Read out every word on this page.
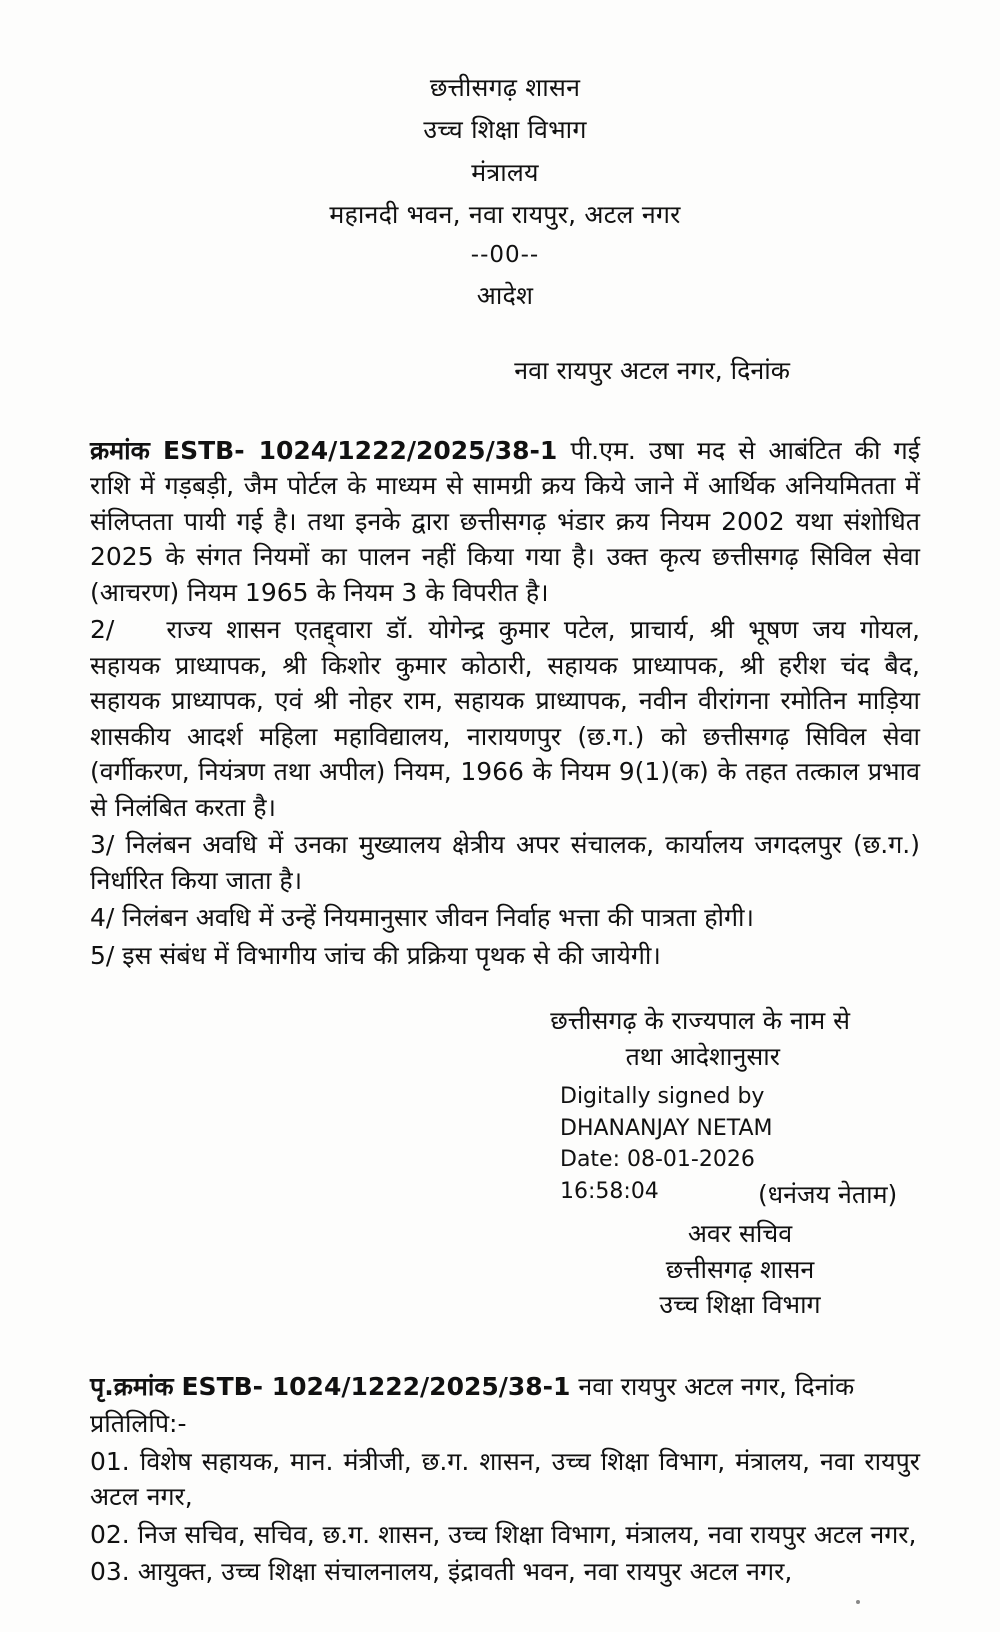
छत्तीसगढ़ शासन
उच्च शिक्षा विभाग
मंत्रालय
महानदी भवन, नवा रायपुर, अटल नगर
--00--
आदेश
नवा रायपुर अटल नगर, दिनांक

क्रमांक ESTB- 1024/1222/2025/38-1 पी.एम. उषा मद से आबंटित की गई राशि में गड़बड़ी, जैम पोर्टल के माध्यम से सामग्री क्रय किये जाने में आर्थिक अनियमितता में संलिप्तता पायी गई है। तथा इनके द्वारा छत्तीसगढ़ भंडार क्रय नियम 2002 यथा संशोधित 2025 के संगत नियमों का पालन नहीं किया गया है। उक्त कृत्य छत्तीसगढ़ सिविल सेवा (आचरण) नियम 1965 के नियम 3 के विपरीत है।

2/ राज्य शासन एतद्द्वारा डॉ. योगेन्द्र कुमार पटेल, प्राचार्य, श्री भूषण जय गोयल, सहायक प्राध्यापक, श्री किशोर कुमार कोठारी, सहायक प्राध्यापक, श्री हरीश चंद बैद, सहायक प्राध्यापक, एवं श्री नोहर राम, सहायक प्राध्यापक, नवीन वीरांगना रमोतिन माड़िया शासकीय आदर्श महिला महाविद्यालय, नारायणपुर (छ.ग.) को छत्तीसगढ़ सिविल सेवा (वर्गीकरण, नियंत्रण तथा अपील) नियम, 1966 के नियम 9(1)(क) के तहत तत्काल प्रभाव से निलंबित करता है।

3/ निलंबन अवधि में उनका मुख्यालय क्षेत्रीय अपर संचालक, कार्यालय जगदलपुर (छ.ग.) निर्धारित किया जाता है।

4/ निलंबन अवधि में उन्हें नियमानुसार जीवन निर्वाह भत्ता की पात्रता होगी।

5/ इस संबंध में विभागीय जांच की प्रक्रिया पृथक से की जायेगी।

छत्तीसगढ़ के राज्यपाल के नाम से
तथा आदेशानुसार
Digitally signed by
DHANANJAY NETAM
Date: 08-01-2026
16:58:04	(धनंजय नेताम)
अवर सचिव
छत्तीसगढ़ शासन
उच्च शिक्षा विभाग

पृ.क्रमांक ESTB- 1024/1222/2025/38-1 नवा रायपुर अटल नगर, दिनांक

प्रतिलिपि:-

01. विशेष सहायक, मान. मंत्रीजी, छ.ग. शासन, उच्च शिक्षा विभाग, मंत्रालय, नवा रायपुर अटल नगर,

02. निज सचिव, सचिव, छ.ग. शासन, उच्च शिक्षा विभाग, मंत्रालय, नवा रायपुर अटल नगर,

03. आयुक्त, उच्च शिक्षा संचालनालय, इंद्रावती भवन, नवा रायपुर अटल नगर,
